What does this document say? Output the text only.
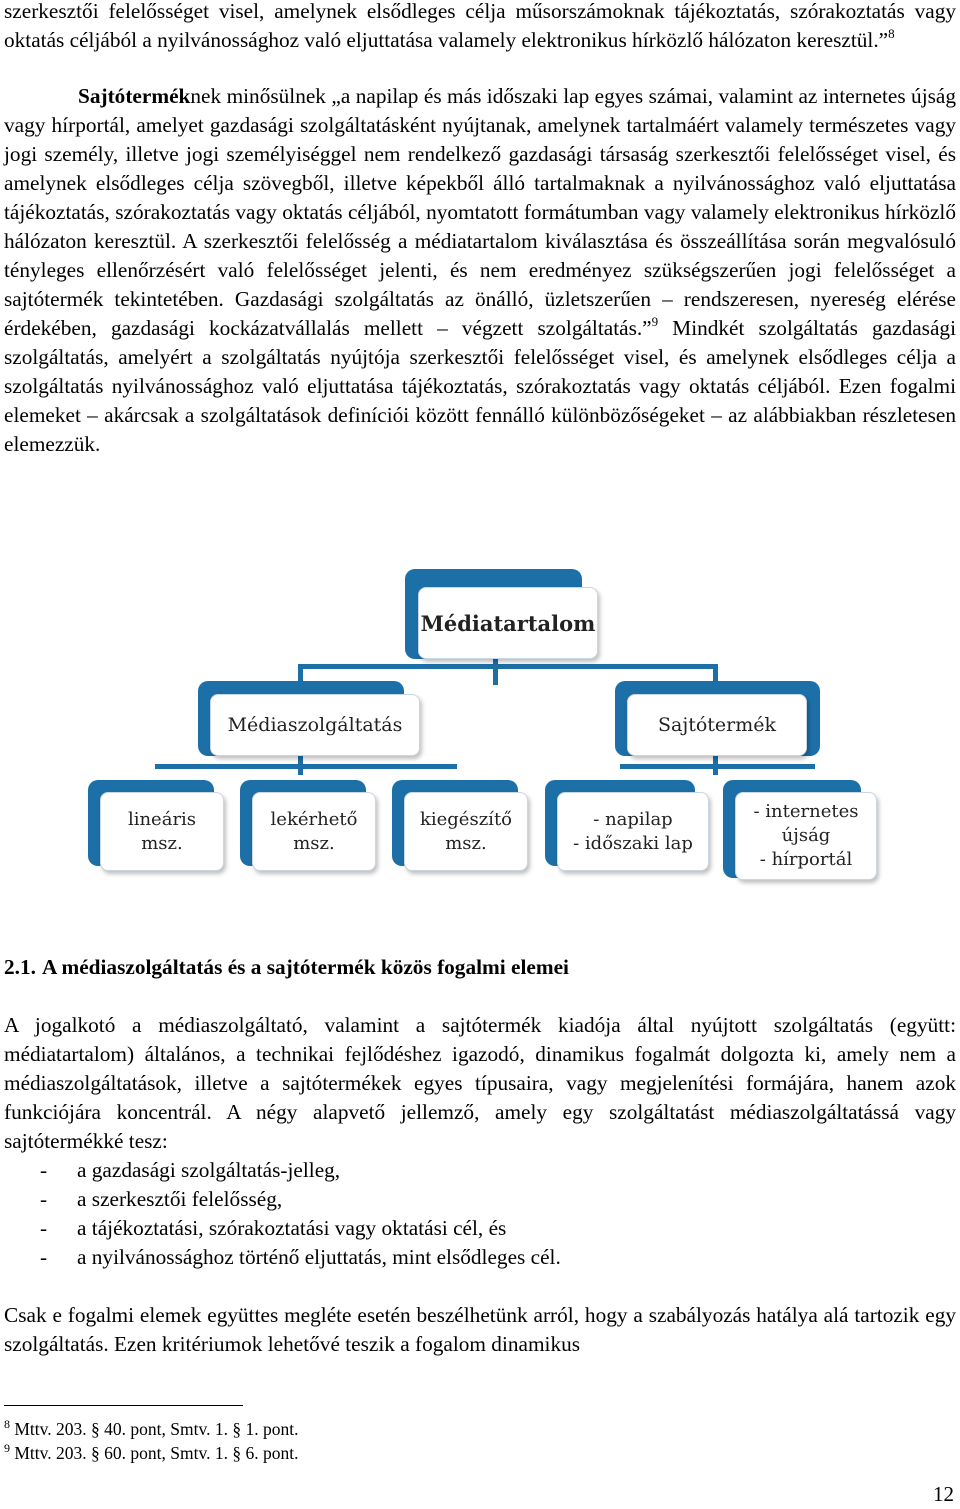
szerkesztői felelősséget visel, amelynek elsődleges célja műsorszámoknak tájékoztatás, szórakoztatás vagy oktatás céljából a nyilvánossághoz való eljuttatása valamely elektronikus hírközlő hálózaton keresztül.”$^8$

Sajtóterméknek minősülnek „a napilap és más időszaki lap egyes számai, valamint az internetes újság vagy hírportál, amelyet gazdasági szolgáltatásként nyújtanak, amelynek tartalmáért valamely természetes vagy jogi személy, illetve jogi személyiséggel nem rendelkező gazdasági társaság szerkesztői felelősséget visel, és amelynek elsődleges célja szövegből, illetve képekből álló tartalmaknak a nyilvánossághoz való eljuttatása tájékoztatás, szórakoztatás vagy oktatás céljából, nyomtatott formátumban vagy valamely elektronikus hírközlő hálózaton keresztül. A szerkesztői felelősség a médiatartalom kiválasztása és összeállítása során megvalósuló tényleges ellenőrzésért való felelősséget jelenti, és nem eredményez szükségszerűen jogi felelősséget a sajtótermék tekintetében. Gazdasági szolgáltatás az önálló, üzletszerűen – rendszeresen, nyereség elérése érdekében, gazdasági kockázatvállalás mellett – végzett szolgáltatás.”$^9$ Mindkét szolgáltatás gazdasági szolgáltatás, amelyért a szolgáltatás nyújtója szerkesztői felelősséget visel, és amelynek elsődleges célja a szolgáltatás nyilvánossághoz való eljuttatása tájékoztatás, szórakoztatás vagy oktatás céljából. Ezen fogalmi elemeket – akárcsak a szolgáltatások definíciói között fennálló különbözőségeket – az alábbiakban részletesen elemezzük.

Médiatartalom
Médiaszolgáltatás	Sajtótermék
lineáris
msz.
lekérhető
msz.
kiegészítő
msz.
- napilap
- időszaki lap
- internetes
újság
- hírportál
2.1. A médiaszolgáltatás és a sajtótermék közös fogalmi elemei

A jogalkotó a médiaszolgáltató, valamint a sajtótermék kiadója által nyújtott szolgáltatás (együtt: médiatartalom) általános, a technikai fejlődéshez igazodó, dinamikus fogalmát dolgozta ki, amely nem a médiaszolgáltatások, illetve a sajtótermékek egyes típusaira, vagy megjelenítési formájára, hanem azok funkciójára koncentrál. A négy alapvető jellemző, amely egy szolgáltatást médiaszolgáltatássá vagy sajtótermékké tesz:

- a gazdasági szolgáltatás-jelleg,
- a szerkesztői felelősség,
- a tájékoztatási, szórakoztatási vagy oktatási cél, és
- a nyilvánossághoz történő eljuttatás, mint elsődleges cél.

Csak e fogalmi elemek együttes megléte esetén beszélhetünk arról, hogy a szabályozás hatálya alá tartozik egy szolgáltatás. Ezen kritériumok lehetővé teszik a fogalom dinamikus

$^8$ Mttv. 203. § 40. pont, Smtv. 1. § 1. pont.

$^9$ Mttv. 203. § 60. pont, Smtv. 1. § 6. pont.

12
